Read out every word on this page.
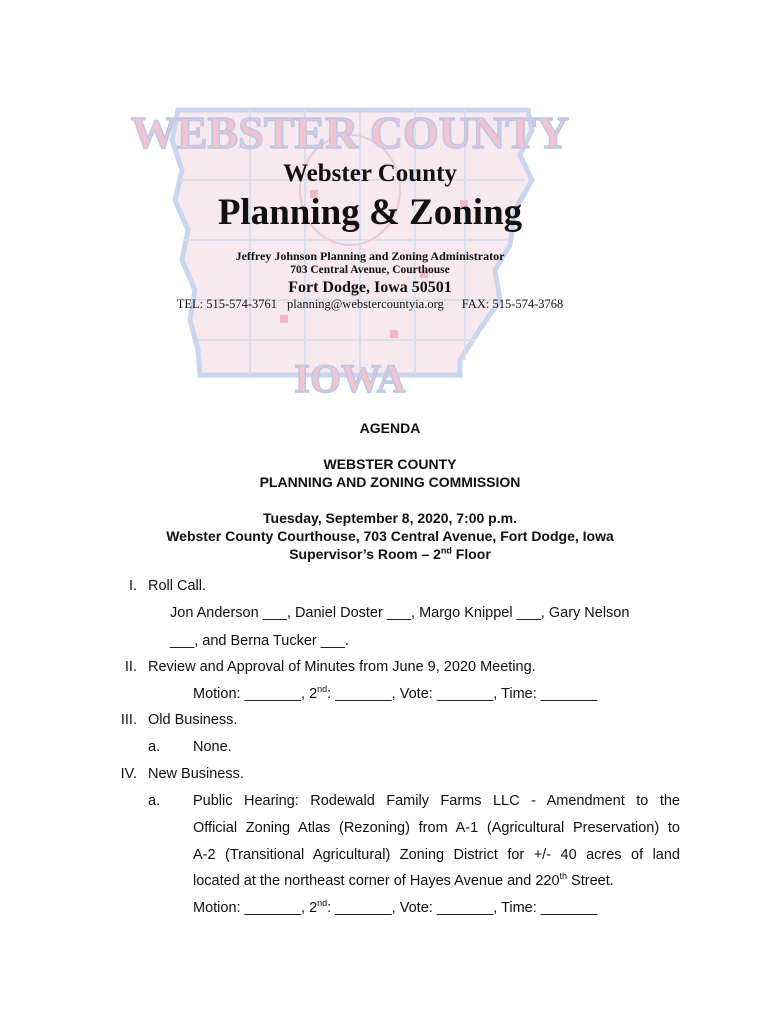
WEBSTER COUNTY
IOWA
Webster County
Planning & Zoning
Jeffrey Johnson Planning and Zoning Administrator
703 Central Avenue, Courthouse
Fort Dodge, Iowa 50501
TEL: 515-574-3761 planning@webstercountyia.org FAX: 515-574-3768
AGENDA
WEBSTER COUNTY
PLANNING AND ZONING COMMISSION
Tuesday, September 8, 2020, 7:00 p.m.
Webster County Courthouse, 703 Central Avenue, Fort Dodge, Iowa
Supervisor’s Room – 2nd Floor
I. Roll Call.
Jon Anderson ___, Daniel Doster ___, Margo Knippel ___, Gary Nelson
___, and Berna Tucker ___.
II. Review and Approval of Minutes from June 9, 2020 Meeting.
Motion: _______, 2nd: _______, Vote: _______, Time: _______
III. Old Business.
a. None.
IV. New Business.
a. Public Hearing: Rodewald Family Farms LLC - Amendment to the
Official Zoning Atlas (Rezoning) from A-1 (Agricultural Preservation) to
A-2 (Transitional Agricultural) Zoning District for +/- 40 acres of land
located at the northeast corner of Hayes Avenue and 220th Street.
Motion: _______, 2nd: _______, Vote: _______, Time: _______
